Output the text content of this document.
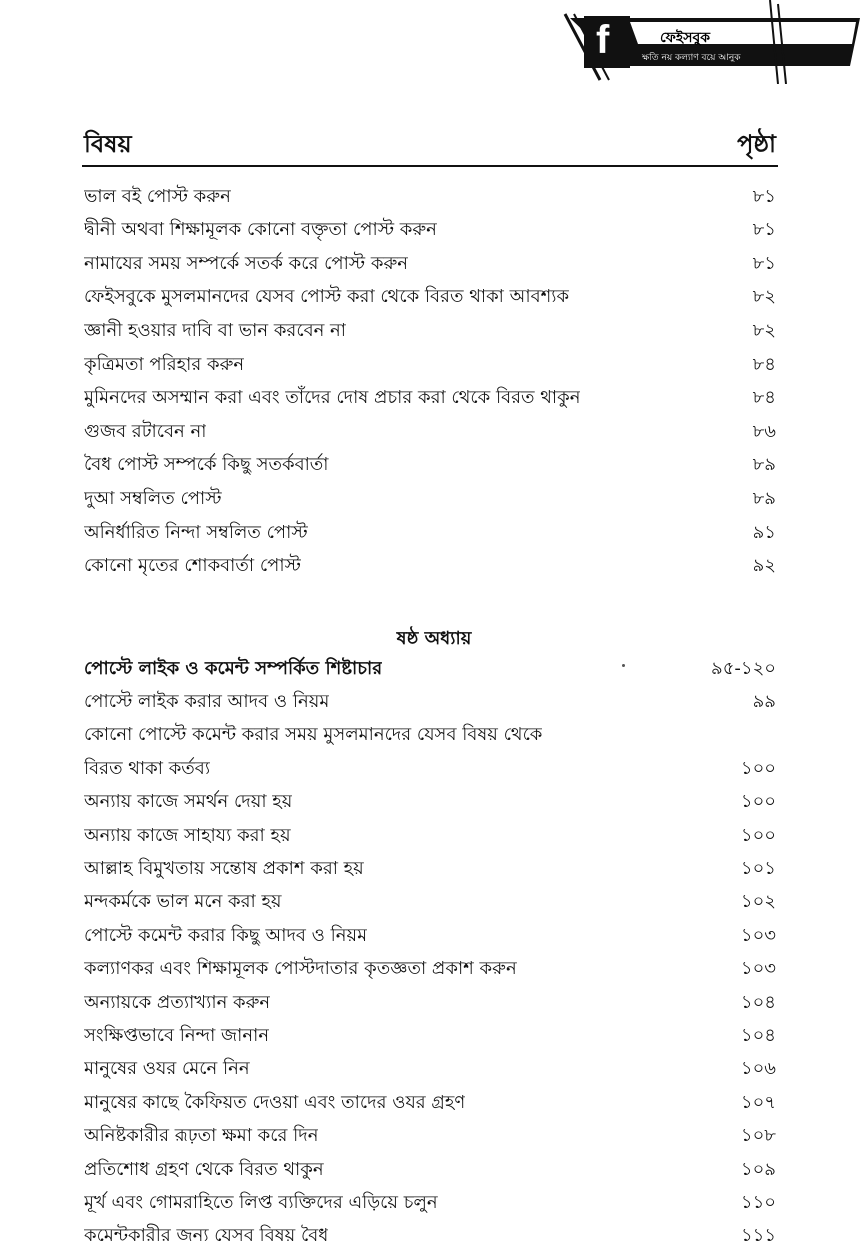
f	ফেইসবুক
ক্ষতি নয় কল্যাণ বয়ে আনুক
বিষয়	পৃষ্ঠা
ভাল বই পোস্ট করুন	৮১
দ্বীনী অথবা শিক্ষামূলক কোনো বক্তৃতা পোস্ট করুন	৮১
নামাযের সময় সম্পর্কে সতর্ক করে পোস্ট করুন	৮১
ফেইসবুকে মুসলমানদের যেসব পোস্ট করা থেকে বিরত থাকা আবশ্যক	৮২
জ্ঞানী হওয়ার দাবি বা ভান করবেন না	৮২
কৃত্রিমতা পরিহার করুন	৮৪
মুমিনদের অসম্মান করা এবং তাঁদের দোষ প্রচার করা থেকে বিরত থাকুন	৮৪
গুজব রটাবেন না	৮৬
বৈধ পোস্ট সম্পর্কে কিছু সতর্কবার্তা	৮৯
দুআ সম্বলিত পোস্ট	৮৯
অনির্ধারিত নিন্দা সম্বলিত পোস্ট	৯১
কোনো মৃতের শোকবার্তা পোস্ট	৯২
ষষ্ঠ অধ্যায়
পোস্টে লাইক ও কমেন্ট সম্পর্কিত শিষ্টাচার	৯৫-১২০
পোস্টে লাইক করার আদব ও নিয়ম	৯৯
কোনো পোস্টে কমেন্ট করার সময় মুসলমানদের যেসব বিষয় থেকে
বিরত থাকা কর্তব্য	১০০
অন্যায় কাজে সমর্থন দেয়া হয়	১০০
অন্যায় কাজে সাহায্য করা হয়	১০০
আল্লাহ বিমুখতায় সন্তোষ প্রকাশ করা হয়	১০১
মন্দকর্মকে ভাল মনে করা হয়	১০২
পোস্টে কমেন্ট করার কিছু আদব ও নিয়ম	১০৩
কল্যাণকর এবং শিক্ষামূলক পোস্টদাতার কৃতজ্ঞতা প্রকাশ করুন	১০৩
অন্যায়কে প্রত্যাখ্যান করুন	১০৪
সংক্ষিপ্তভাবে নিন্দা জানান	১০৪
মানুষের ওযর মেনে নিন	১০৬
মানুষের কাছে কৈফিয়ত দেওয়া এবং তাদের ওযর গ্রহণ	১০৭
অনিষ্টকারীর রূঢ়তা ক্ষমা করে দিন	১০৮
প্রতিশোধ গ্রহণ থেকে বিরত থাকুন	১০৯
মূর্খ এবং গোমরাহিতে লিপ্ত ব্যক্তিদের এড়িয়ে চলুন	১১০
কমেন্টকারীর জন্য যেসব বিষয় বৈধ	১১১
